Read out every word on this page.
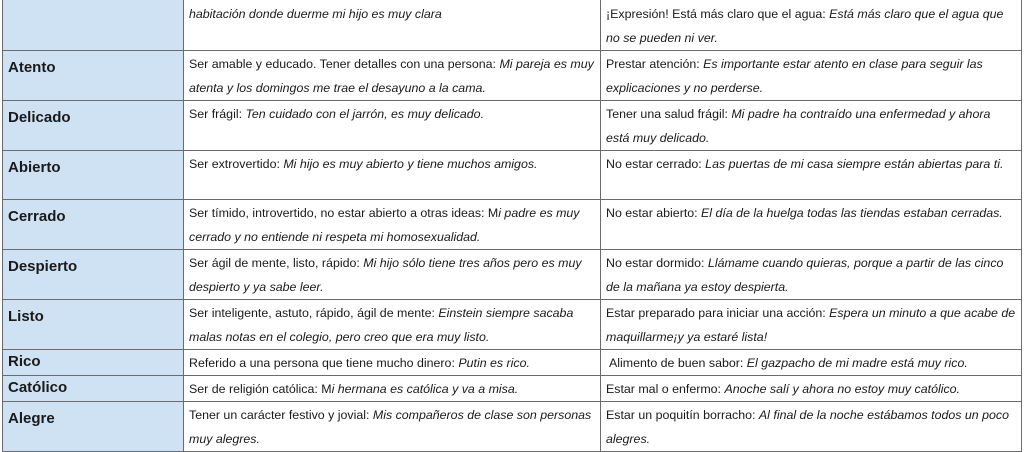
	habitación donde duerme mi hijo es muy clara	¡Expresión! Está más claro que el agua: Está más claro que el agua que no se pueden ni ver.
Atento	Ser amable y educado. Tener detalles con una persona: Mi pareja es muy atenta y los domingos me trae el desayuno a la cama.	Prestar atención: Es importante estar atento en clase para seguir las explicaciones y no perderse.
Delicado	Ser frágil: Ten cuidado con el jarrón, es muy delicado.	Tener una salud frágil: Mi padre ha contraído una enfermedad y ahora está muy delicado.
Abierto	Ser extrovertido: Mi hijo es muy abierto y tiene muchos amigos.	No estar cerrado: Las puertas de mi casa siempre están abiertas para ti.
Cerrado	Ser tímido, introvertido, no estar abierto a otras ideas: Mi padre es muy cerrado y no entiende ni respeta mi homosexualidad.	No estar abierto: El día de la huelga todas las tiendas estaban cerradas.
Despierto	Ser ágil de mente, listo, rápido: Mi hijo sólo tiene tres años pero es muy despierto y ya sabe leer.	No estar dormido: Llámame cuando quieras, porque a partir de las cinco de la mañana ya estoy despierta.
Listo	Ser inteligente, astuto, rápido, ágil de mente: Einstein siempre sacaba malas notas en el colegio, pero creo que era muy listo.	Estar preparado para iniciar una acción: Espera un minuto a que acabe de maquillarme¡y ya estaré lista!
Rico	Referido a una persona que tiene mucho dinero: Putin es rico.	Alimento de buen sabor: El gazpacho de mi madre está muy rico.
Católico	Ser de religión católica: Mi hermana es católica y va a misa.	Estar mal o enfermo: Anoche salí y ahora no estoy muy católico.
Alegre	Tener un carácter festivo y jovial: Mis compañeros de clase son personas muy alegres.	Estar un poquitín borracho: Al final de la noche estábamos todos un poco alegres.
